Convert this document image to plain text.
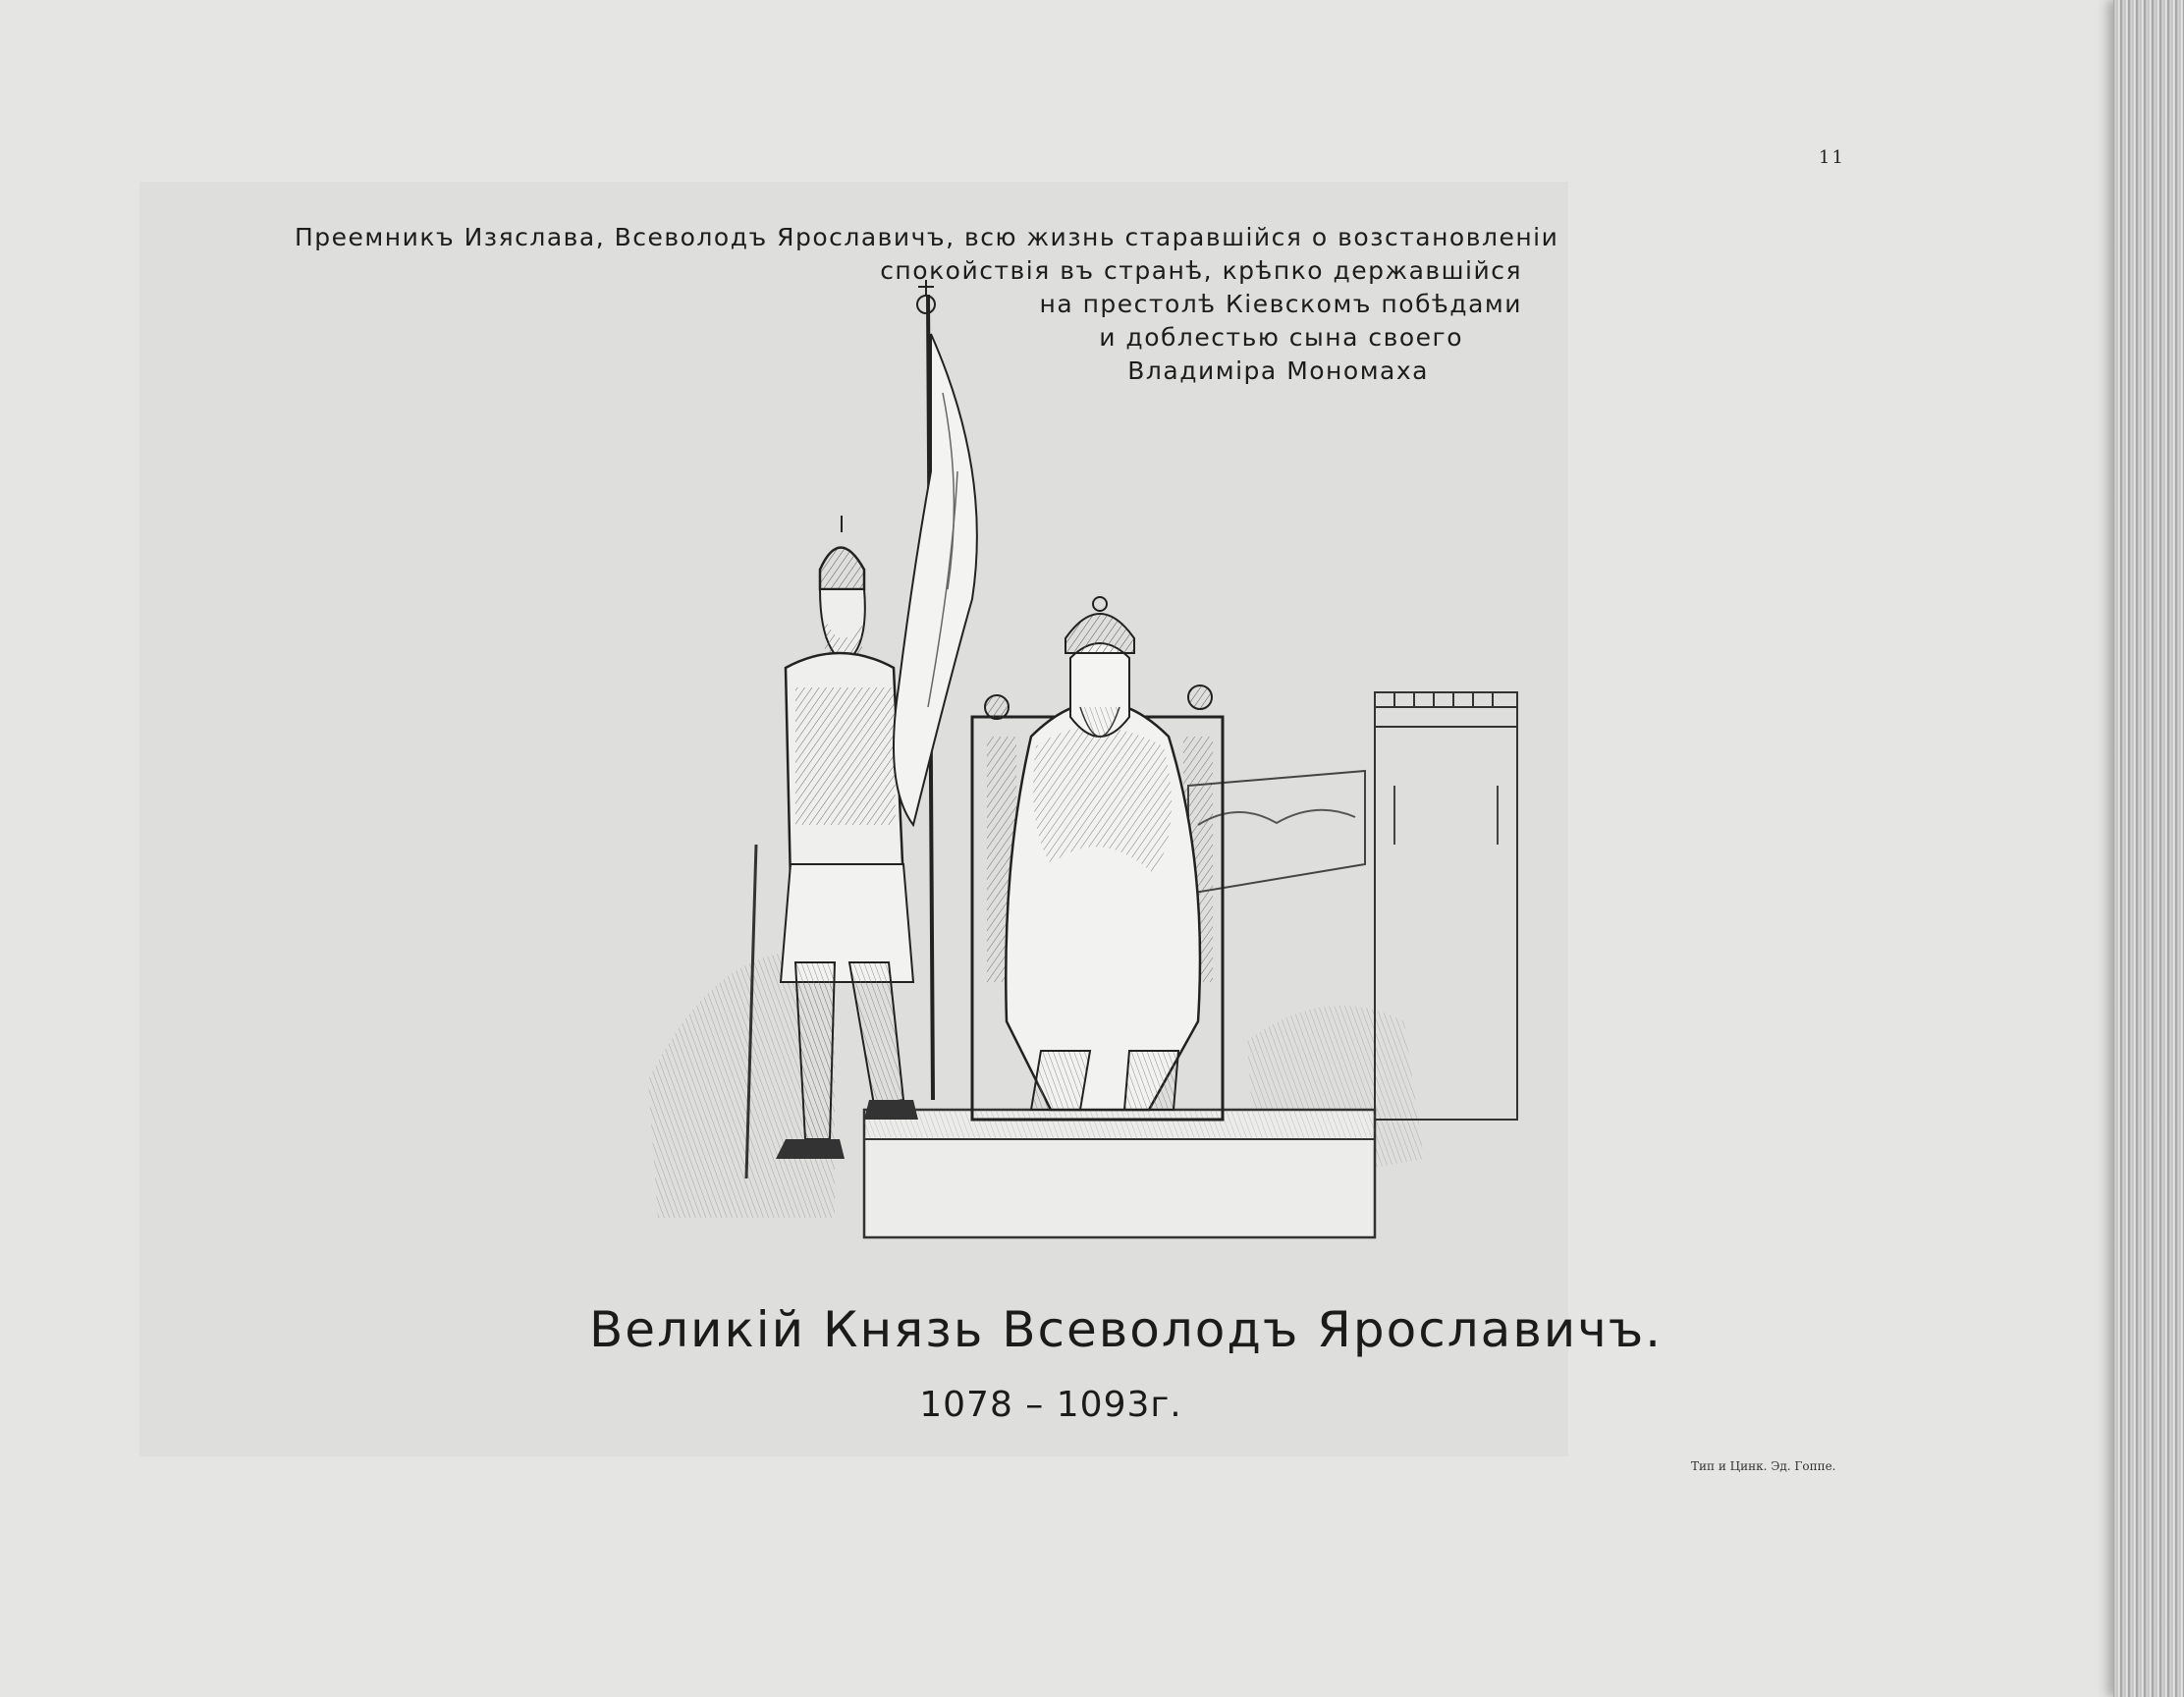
11
Преемникъ Изяслава, Всеволодъ Ярославичъ, всю жизнь старавшійся о возстановленіи
спокойствія въ странѣ, крѣпко державшійся
на престолѣ Кіевскомъ побѣдами
и доблестью сына своего
Владиміра Мономаха
Великій Князь Всеволодъ Ярославичъ.
1078 – 1093г.
Тип и Цинк. Эд. Гоппе.
